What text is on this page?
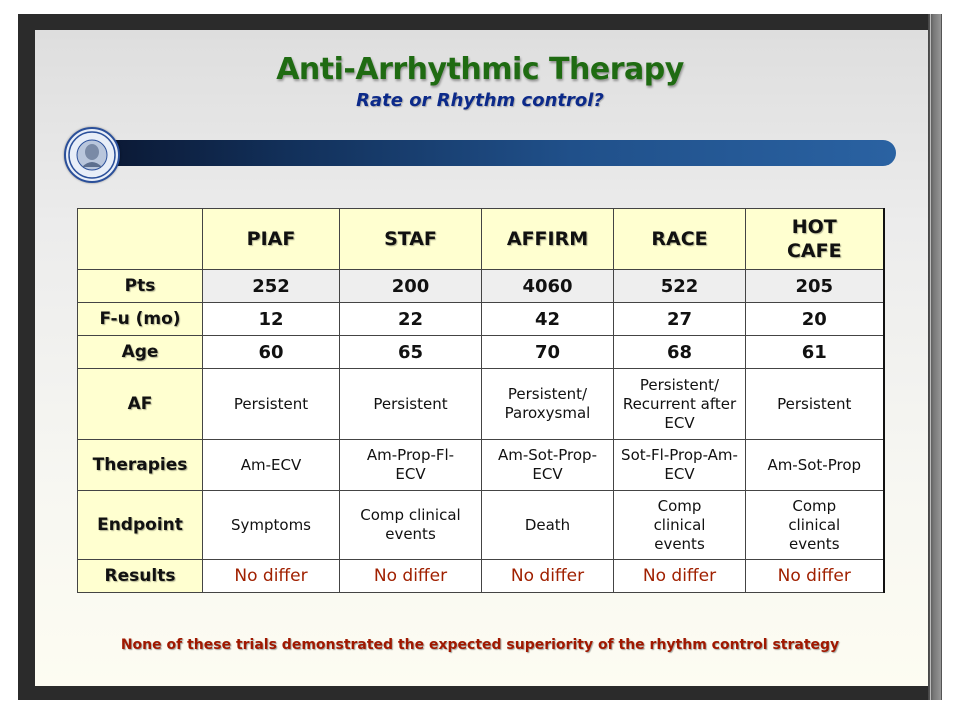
Anti-Arrhythmic Therapy
Rate or Rhythm control?
	PIAF	STAF	AFFIRM	RACE	HOT CAFE
Pts	252	200	4060	522	205
F-u (mo)	12	22	42	27	20
Age	60	65	70	68	61
AF	Persistent	Persistent	Persistent/ Paroxysmal	Persistent/ Recurrent after ECV	Persistent
Therapies	Am-ECV	Am-Prop-Fl-ECV	Am-Sot-Prop-ECV	Sot-Fl-Prop-Am-ECV	Am-Sot-Prop
Endpoint	Symptoms	Comp clinical events	Death	Comp clinical events	Comp clinical events
Results	No differ	No differ	No differ	No differ	No differ
None of these trials demonstrated the expected superiority of the rhythm control strategy
